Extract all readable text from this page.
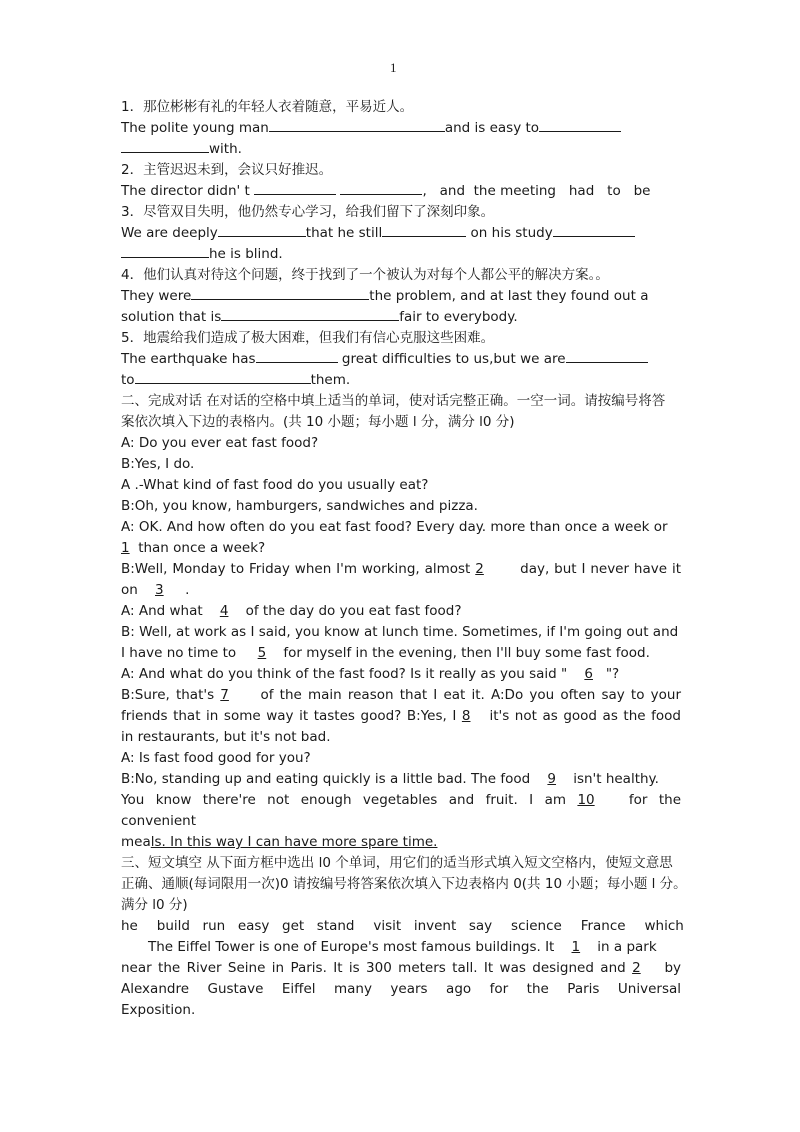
1
1．那位彬彬有礼的年轻人衣着随意，平易近人。
The polite young man	and is easy to
with.
2．主管迟迟未到，会议只好推迟。
The director didn' t	, and the meeting had to be
3．尽管双目失明，他仍然专心学习，给我们留下了深刻印象。
We are deeply	that he still	on his study
he is blind.
4．他们认真对待这个问题，终于找到了一个被认为对每个人都公平的解决方案。。
They were	the problem, and at last they found out a
solution that is	fair to everybody.
5．地震给我们造成了极大困难，但我们有信心克服这些困难。
The earthquake has	great difficulties to us,but we are
to	them.
二、完成对话 在对话的空格中填上适当的单词，使对话完整正确。一空一词。请按编号将答
案依次填入下边的表格内。(共 10 小题；每小题 l 分，满分 l0 分)
A: Do you ever eat fast food?
B:Yes, I do.
A .-What kind of fast food do you usually eat?
B:Oh, you know, hamburgers, sandwiches and pizza.
A: OK. And how often do you eat fast food? Every day. more than once a week or
1 than once a week?
B:Well, Monday to Friday when I'm working, almost 2	day, but I never have it
on 3 .
A: And what 4 of the day do you eat fast food?
B: Well, at work as I said, you know at lunch time. Sometimes, if I'm going out and
I have no time to 5 for myself in the evening, then I'll buy some fast food.
A: And what do you think of the fast food? Is it really as you said " 6 "?
B:Sure, that's 7 of the main reason that I eat it. A:Do you often say to your
friends that in some way it tastes good? B:Yes, I 8 it's not as good as the food
in restaurants, but it's not bad.
A: Is fast food good for you?
B:No, standing up and eating quickly is a little bad. The food 9 isn't healthy.
You know there're not enough vegetables and fruit. I am 10	for the
convenient
meals. In this way I can have more spare time.
三、短文填空 从下面方框中选出 l0 个单词，用它们的适当形式填入短文空格内，使短文意思
正确、通顺(每词限用一次)0 请按编号将答案依次填入下边表格内 0(共 10 小题；每小题 l 分。
满分 l0 分)
he build run easy get stand visit invent say science France which
The Eiffel Tower is one of Europe's most famous buildings. It 1 in a park
near the River Seine in Paris. It is 300 meters tall. It was designed and 2 by
Alexandre Gustave Eiffel many years ago for the Paris Universal
Exposition.
